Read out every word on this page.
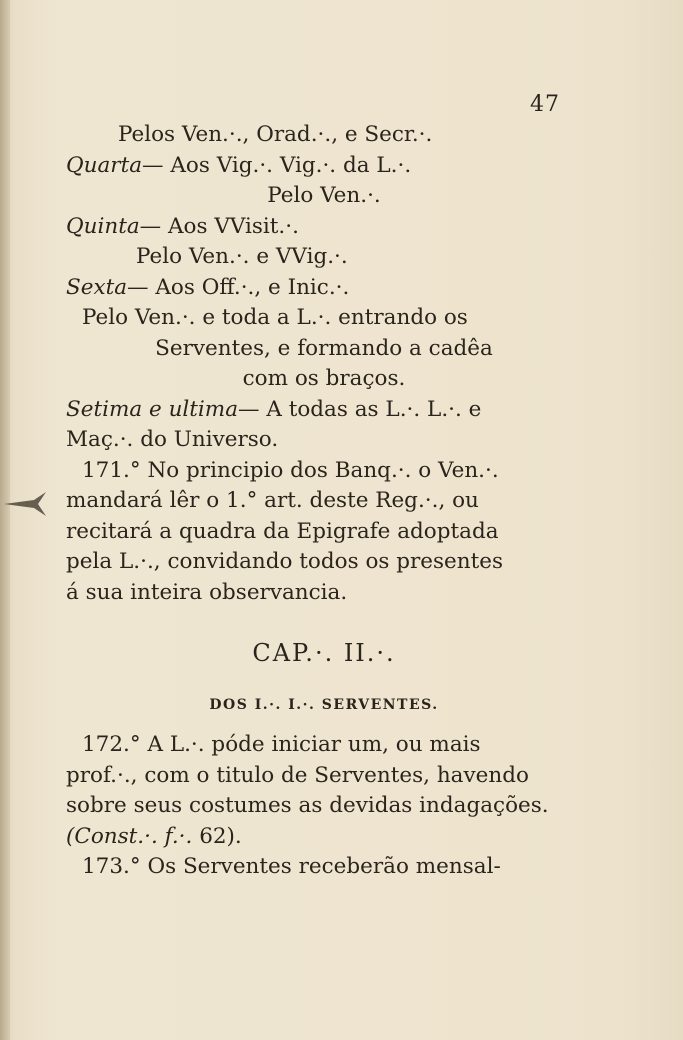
47
Pelos Ven.·., Orad.·., e Secr.·.
Quarta— Aos Vig.·. Vig.·. da L.·.
Pelo Ven.·.
Quinta— Aos VVisit.·.
Pelo Ven.·. e VVig.·.
Sexta— Aos Off.·., e Inic.·.
Pelo Ven.·. e toda a L.·. entrando os
Serventes, e formando a cadêa
com os braços.
Setima e ultima— A todas as L.·. L.·. e
Maç.·. do Universo.
171.° No principio dos Banq.·. o Ven.·.
mandará lêr o 1.° art. deste Reg.·., ou
recitará a quadra da Epigrafe adoptada
pela L.·., convidando todos os presentes
á sua inteira observancia.
CAP.·. II.·.
DOS I.·. I.·. SERVENTES.
172.° A L.·. póde iniciar um, ou mais
prof.·., com o titulo de Serventes, havendo
sobre seus costumes as devidas indagações.
(Const.·. f.·. 62).
173.° Os Serventes receberão mensal-
